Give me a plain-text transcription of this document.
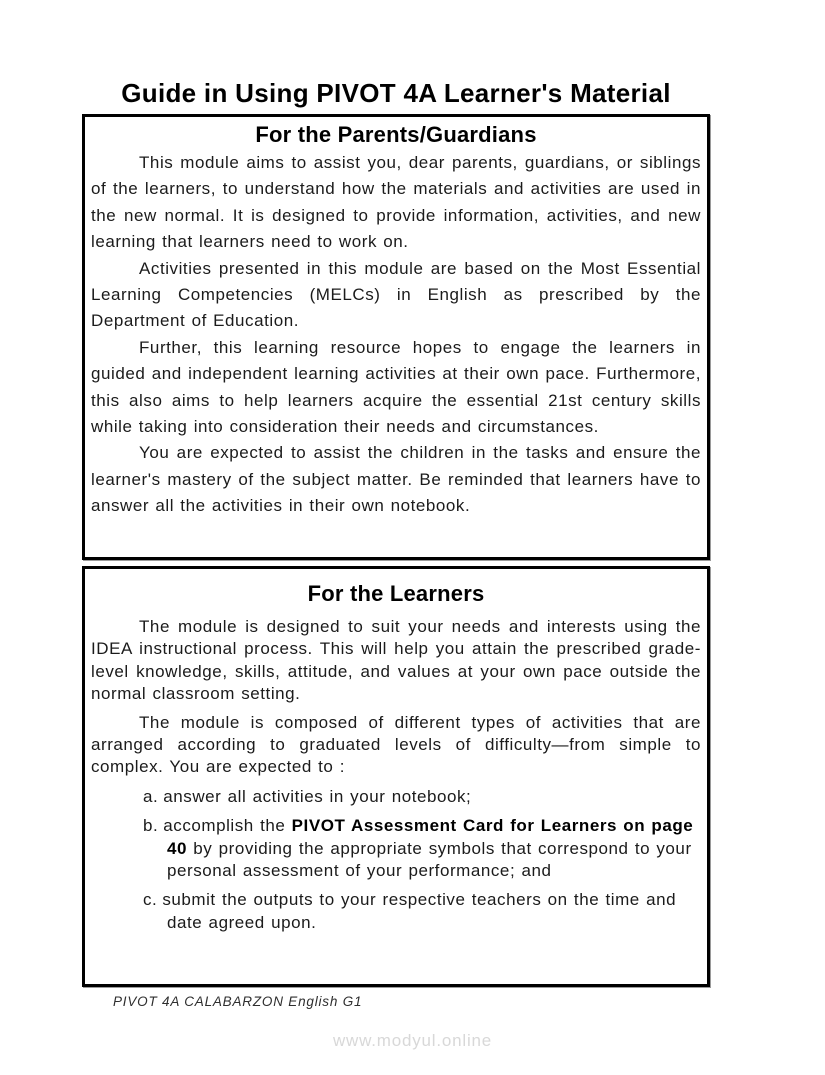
Guide in Using PIVOT 4A Learner's Material
For the Parents/Guardians

This module aims to assist you, dear parents, guardians, or siblings of the learners, to understand how the materials and activities are used in the new normal. It is designed to provide information, activities, and new learning that learners need to work on.

Activities presented in this module are based on the Most Essential Learning Competencies (MELCs) in English as prescribed by the Department of Education.

Further, this learning resource hopes to engage the learners in guided and independent learning activities at their own pace. Furthermore, this also aims to help learners acquire the essential 21st century skills while taking into consideration their needs and circumstances.

You are expected to assist the children in the tasks and ensure the learner's mastery of the subject matter. Be reminded that learners have to answer all the activities in their own notebook.

For the Learners

The module is designed to suit your needs and interests using the IDEA instructional process. This will help you attain the prescribed grade-level knowledge, skills, attitude, and values at your own pace outside the normal classroom setting.

The module is composed of different types of activities that are arranged according to graduated levels of difficulty—from simple to complex. You are expected to :

a. answer all activities in your notebook;
b. accomplish the PIVOT Assessment Card for Learners on page 40 by providing the appropriate symbols that correspond to your personal assessment of your performance; and
c. submit the outputs to your respective teachers on the time and date agreed upon.
PIVOT 4A CALABARZON English G1
www.modyul.online
